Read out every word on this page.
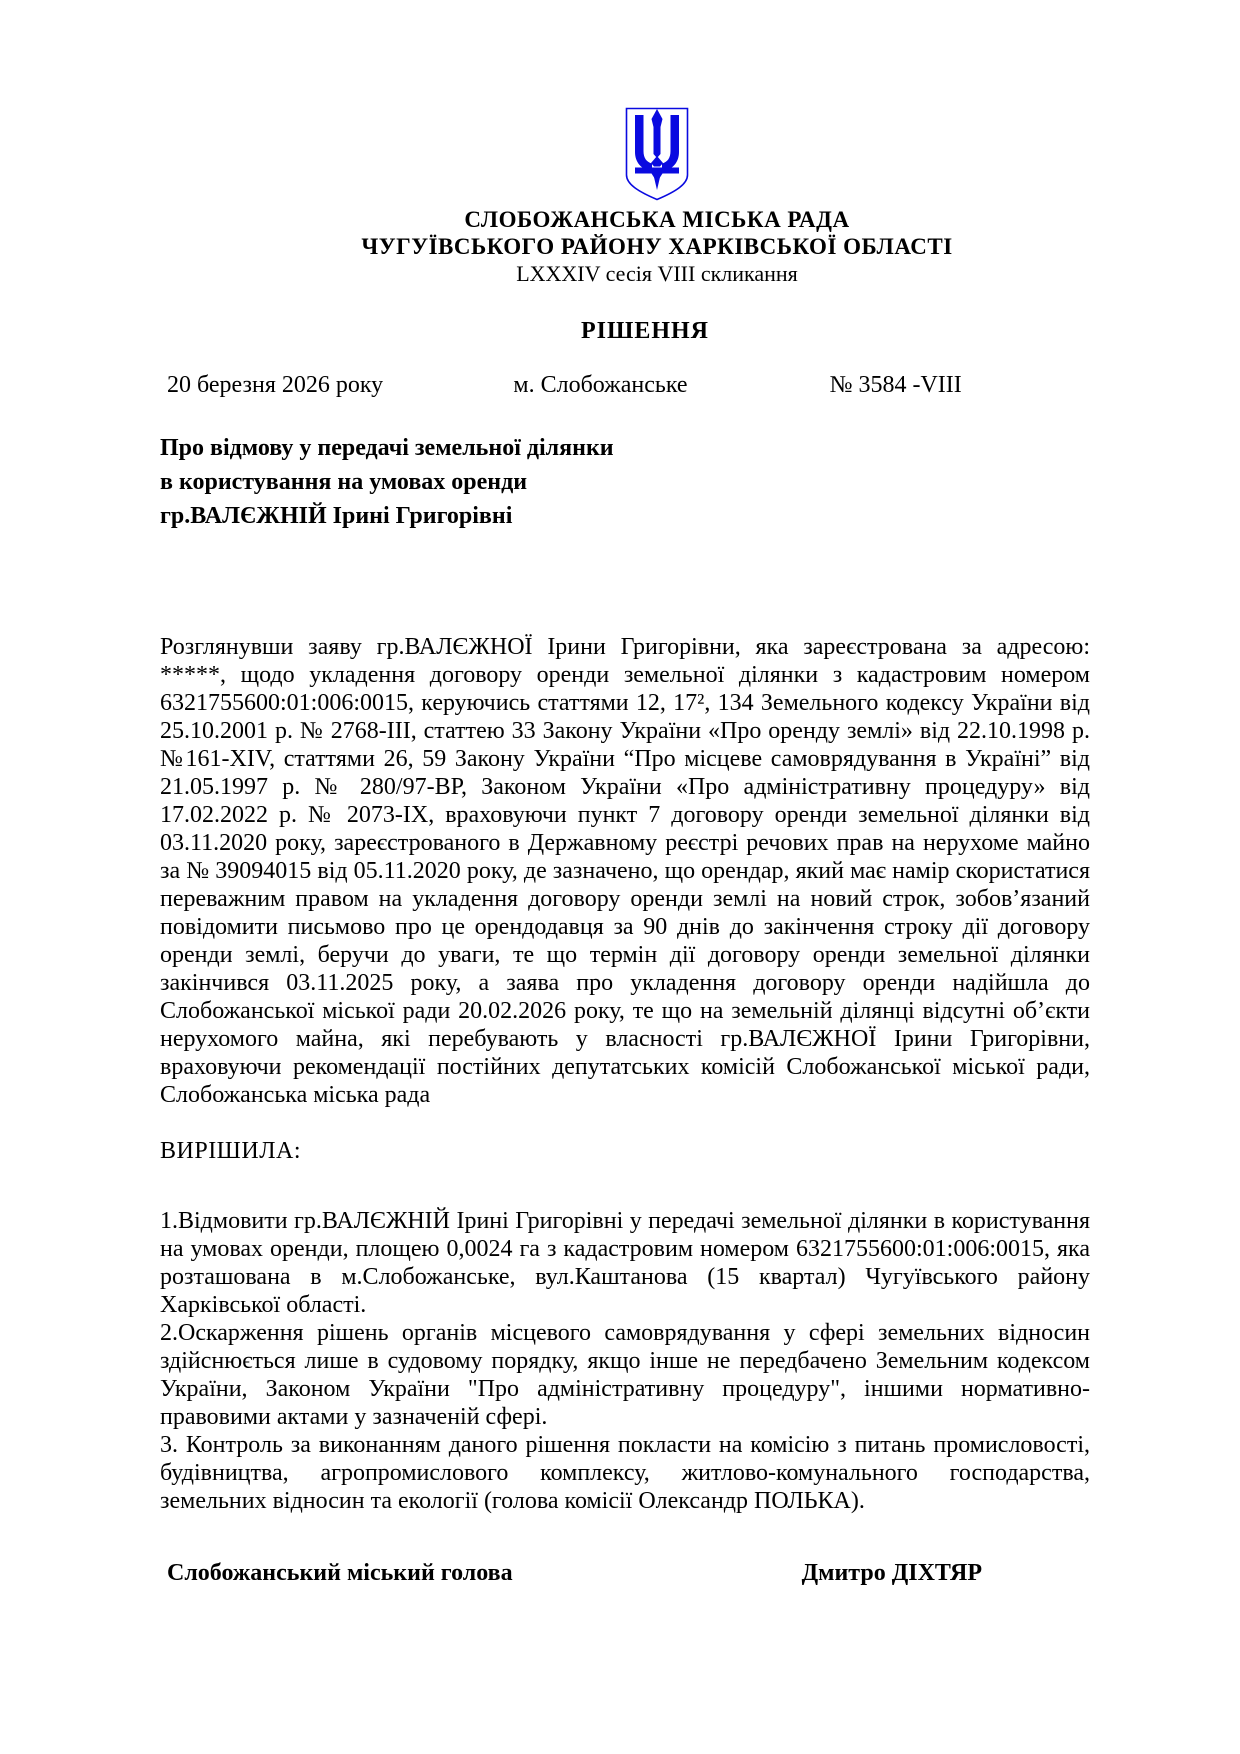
СЛОБОЖАНСЬКА МІСЬКА РАДА
ЧУГУЇВСЬКОГО РАЙОНУ ХАРКІВСЬКОЇ ОБЛАСТІ
LXXXIV сесія VIII скликання
РІШЕННЯ
20 березня 2026 року	м. Слобожанське	№ 3584 -VIII
Про відмову у передачі земельної ділянки
в користування на умовах оренди
гр.ВАЛЄЖНІЙ Ірині Григорівні

Розглянувши заяву гр.ВАЛЄЖНОЇ Ірини Григорівни, яка зареєстрована за адресою: *****, щодо укладення договору оренди земельної ділянки з кадастровим номером 6321755600:01:006:0015, керуючись статтями 12, 17², 134 Земельного кодексу України від 25.10.2001 р. № 2768-ІІІ, статтею 33 Закону України «Про оренду землі» від 22.10.1998 р. №161-XIV, статтями 26, 59 Закону України “Про місцеве самоврядування в Україні” від 21.05.1997 р. № 280/97-ВР, Законом України «Про адміністративну процедуру» від 17.02.2022 р. № 2073-IX, враховуючи пункт 7 договору оренди земельної ділянки від 03.11.2020 року, зареєстрованого в Державному реєстрі речових прав на нерухоме майно за № 39094015 від 05.11.2020 року, де зазначено, що орендар, який має намір скористатися переважним правом на укладення договору оренди землі на новий строк, зобов’язаний повідомити письмово про це орендодавця за 90 днів до закінчення строку дії договору оренди землі, беручи до уваги, те що термін дії договору оренди земельної ділянки закінчився 03.11.2025 року, а заява про укладення договору оренди надійшла до Слобожанської міської ради 20.02.2026 року, те що на земельній ділянці відсутні об’єкти нерухомого майна, які перебувають у власності гр.ВАЛЄЖНОЇ Ірини Григорівни, враховуючи рекомендації постійних депутатських комісій Слобожанської міської ради, Слобожанська міська рада

ВИРІШИЛА:

1.Відмовити гр.ВАЛЄЖНІЙ Ірині Григорівні у передачі земельної ділянки в користування на умовах оренди, площею 0,0024 га з кадастровим номером 6321755600:01:006:0015, яка розташована в м.Слобожанське, вул.Каштанова (15 квартал) Чугуївського району Харківської області.

2.Оскарження рішень органів місцевого самоврядування у сфері земельних відносин здійснюється лише в судовому порядку, якщо інше не передбачено Земельним кодексом України, Законом України "Про адміністративну процедуру", іншими нормативно-правовими актами у зазначеній сфері.

3. Контроль за виконанням даного рішення покласти на комісію з питань промисловості, будівництва, агропромислового комплексу, житлово-комунального господарства, земельних відносин та екології (голова комісії Олександр ПОЛЬКА).

Слобожанський міський голова	Дмитро ДІХТЯР
